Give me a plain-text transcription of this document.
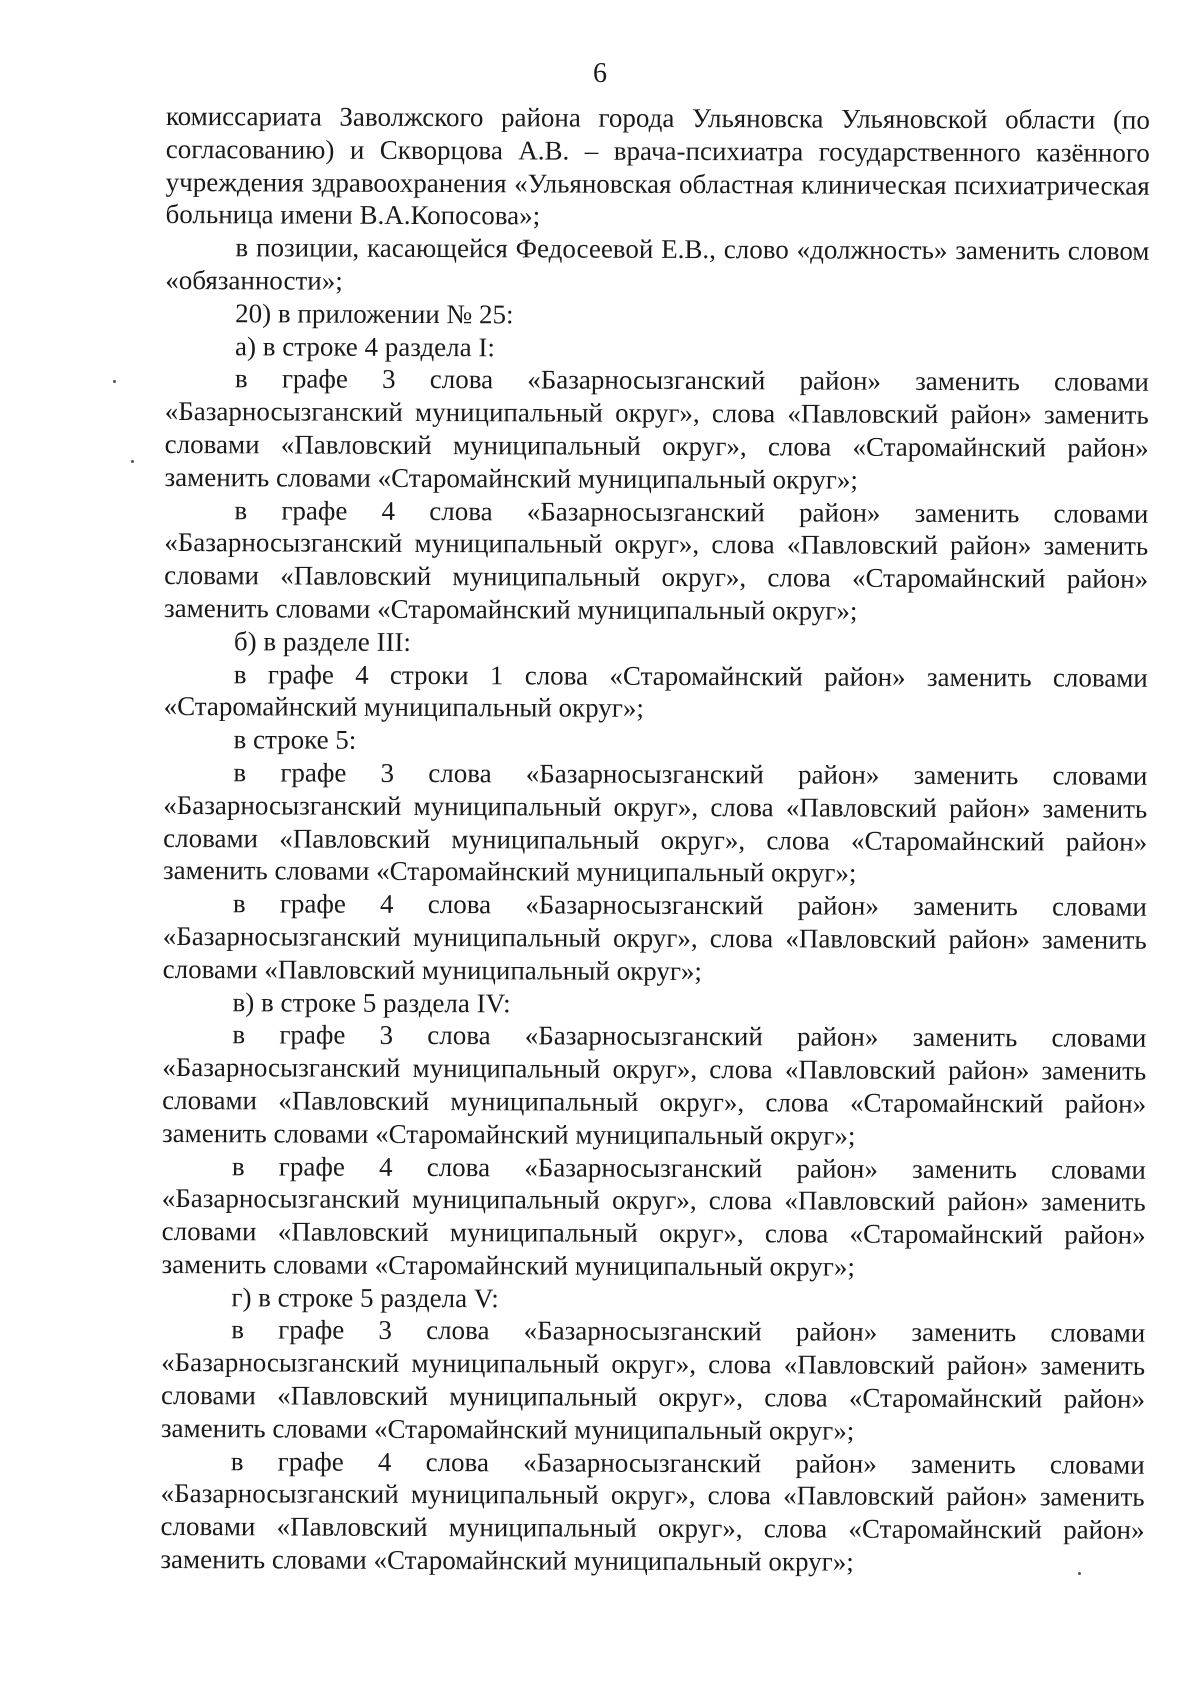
6

комиссариата Заволжского района города Ульяновска Ульяновской области (по согласованию) и Скворцова А.В. – врача-психиатра государственного казённого учреждения здравоохранения «Ульяновская областная клиническая психиатрическая больница имени В.А.Копосова»;

в позиции, касающейся Федосеевой Е.В., слово «должность» заменить словом «обязанности»;

20) в приложении № 25:

а) в строке 4 раздела I:

в графе 3 слова «Базарносызганский район» заменить словами «Базарносызганский муниципальный округ», слова «Павловский район» заменить словами «Павловский муниципальный округ», слова «Старомайнский район» заменить словами «Старомайнский муниципальный округ»;

в графе 4 слова «Базарносызганский район» заменить словами «Базарносызганский муниципальный округ», слова «Павловский район» заменить словами «Павловский муниципальный округ», слова «Старомайнский район» заменить словами «Старомайнский муниципальный округ»;

б) в разделе III:

в графе 4 строки 1 слова «Старомайнский район» заменить словами «Старомайнский муниципальный округ»;

в строке 5:

в графе 3 слова «Базарносызганский район» заменить словами «Базарносызганский муниципальный округ», слова «Павловский район» заменить словами «Павловский муниципальный округ», слова «Старомайнский район» заменить словами «Старомайнский муниципальный округ»;

в графе 4 слова «Базарносызганский район» заменить словами «Базарносызганский муниципальный округ», слова «Павловский район» заменить словами «Павловский муниципальный округ»;

в) в строке 5 раздела IV:

в графе 3 слова «Базарносызганский район» заменить словами «Базарносызганский муниципальный округ», слова «Павловский район» заменить словами «Павловский муниципальный округ», слова «Старомайнский район» заменить словами «Старомайнский муниципальный округ»;

в графе 4 слова «Базарносызганский район» заменить словами «Базарносызганский муниципальный округ», слова «Павловский район» заменить словами «Павловский муниципальный округ», слова «Старомайнский район» заменить словами «Старомайнский муниципальный округ»;

г) в строке 5 раздела V:

в графе 3 слова «Базарносызганский район» заменить словами «Базарносызганский муниципальный округ», слова «Павловский район» заменить словами «Павловский муниципальный округ», слова «Старомайнский район» заменить словами «Старомайнский муниципальный округ»;

в графе 4 слова «Базарносызганский район» заменить словами «Базарносызганский муниципальный округ», слова «Павловский район» заменить словами «Павловский муниципальный округ», слова «Старомайнский район» заменить словами «Старомайнский муниципальный округ»;
